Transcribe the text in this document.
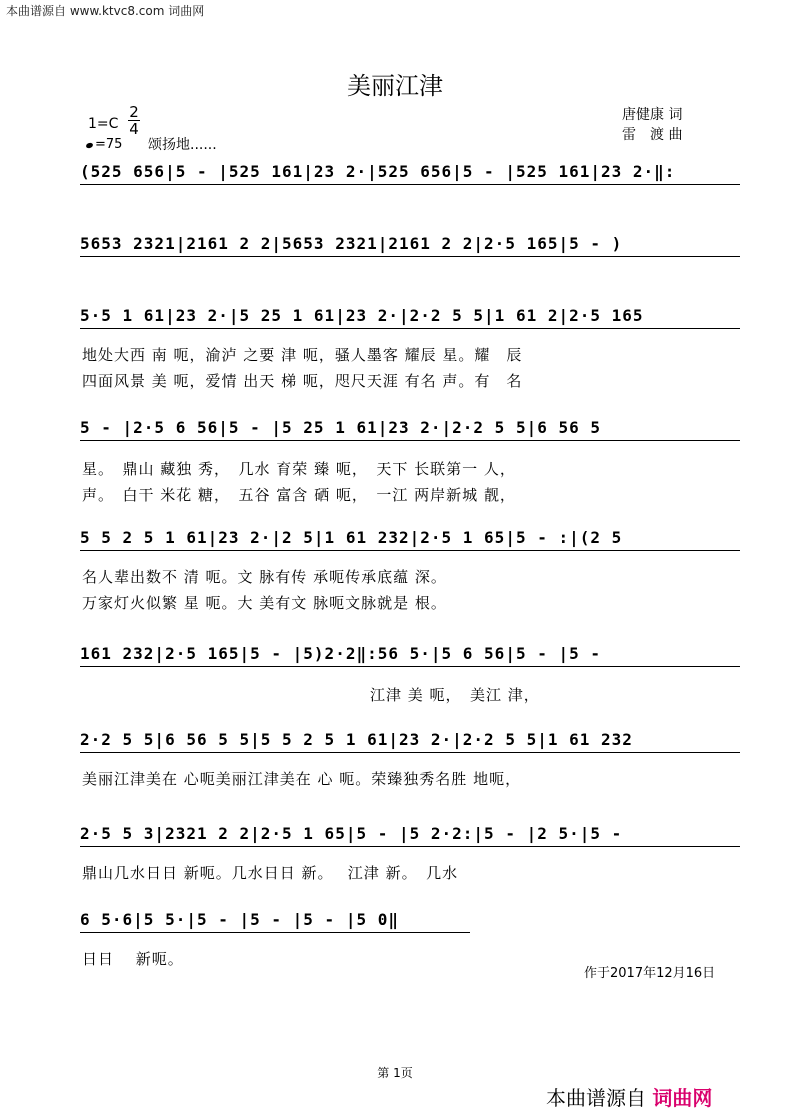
本曲谱源自 www.ktvc8.com 词曲网
美丽江津
1=C
2
4
=75 颂扬地......
唐健康 词
雷　渡 曲
(525 656|5 - |525 161|23 2·|525 656|5 - |525 161|23 2·‖:
5653 2321|2161 2 2|5653 2321|2161 2 2|2·5 165|5 - )
5·5 1 61|23 2·|5 25 1 61|23 2·|2·2 5 5|1 61 2|2·5 165
地处大西 南 呃，渝泸 之要 津 呃，骚人墨客 耀辰 星。耀　辰
四面风景 美 呃，爱情 出天 梯 呃，咫尺天涯 有名 声。有　名
5 - |2·5 6 56|5 - |5 25 1 61|23 2·|2·2 5 5|6 56 5
星。　鼎山 藏独 秀，　几水 育荣 臻 呃，　天下 长联第一 人，
声。　白干 米花 糖，　五谷 富含 硒 呃，　一江 两岸新城 靓，
5 5 2 5 1 61|23 2·|2 5|1 61 232|2·5 1 65|5 - :|(2 5
名人辈出数不 清 呃。文 脉有传 承呃传承底蕴 深。
万家灯火似繁 星 呃。大 美有文 脉呃文脉就是 根。
161 232|2·5 165|5 - |5)2·2‖:56 5·|5 6 56|5 - |5 -
江津 美 呃，　美江 津，
2·2 5 5|6 56 5 5|5 5 2 5 1 61|23 2·|2·2 5 5|1 61 232
美丽江津美在 心呃美丽江津美在 心 呃。荣臻独秀名胜 地呃，
2·5 5 3|2321 2 2|2·5 1 65|5 - |5 2·2:|5 - |2 5·|5 -
鼎山几水日日 新呃。几水日日 新。　 江津 新。　几水
6 5·6|5 5·|5 - |5 - |5 - |5 0‖
日日　 新呃。
作于2017年12月16日
第 1页
本曲谱源自 词曲网
